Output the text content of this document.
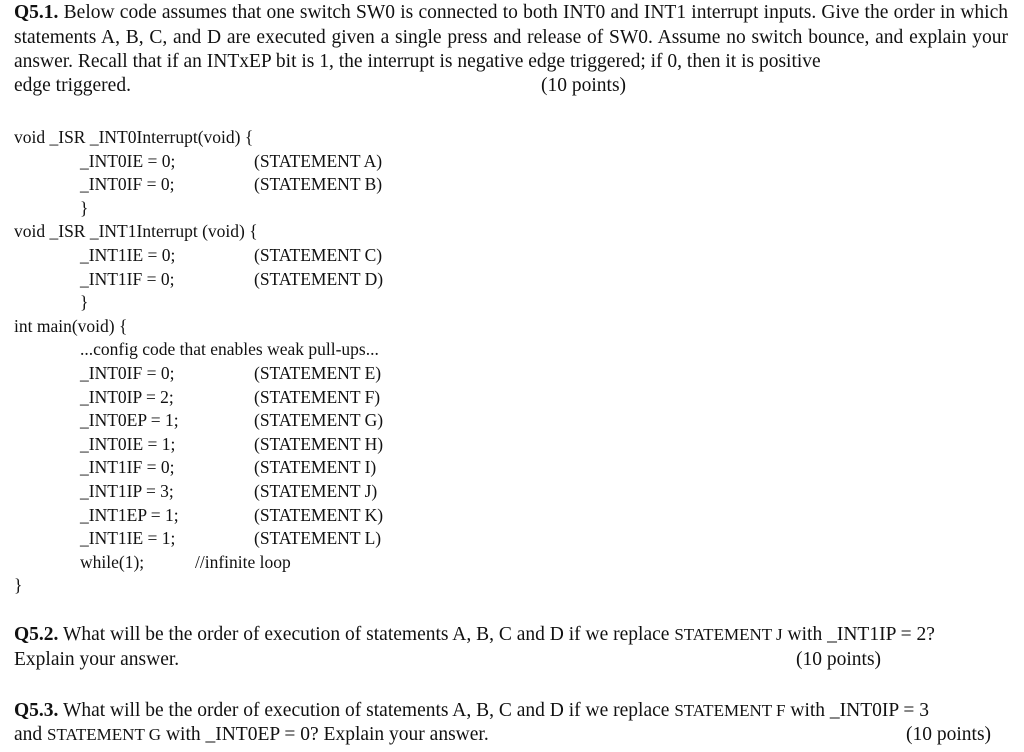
Q5.1. Below code assumes that one switch SW0 is connected to both INT0 and INT1 interrupt inputs. Give the order in which statements A, B, C, and D are executed given a single press and release of SW0. Assume no switch bounce, and explain your answer. Recall that if an INTxEP bit is 1, the interrupt is negative edge triggered; if 0, then it is positive
edge triggered.	(10 points)
void _ISR _INT0Interrupt(void) {
_INT0IE = 0;	(STATEMENT A)
_INT0IF = 0;	(STATEMENT B)
}
void _ISR _INT1Interrupt (void) {
_INT1IE = 0;	(STATEMENT C)
_INT1IF = 0;	(STATEMENT D)
}
int main(void) {
...config code that enables weak pull-ups...
_INT0IF = 0;	(STATEMENT E)
_INT0IP = 2;	(STATEMENT F)
_INT0EP = 1;	(STATEMENT G)
_INT0IE = 1;	(STATEMENT H)
_INT1IF = 0;	(STATEMENT I)
_INT1IP = 3;	(STATEMENT J)
_INT1EP = 1;	(STATEMENT K)
_INT1IE = 1;	(STATEMENT L)
while(1);	//infinite loop
}
Q5.2. What will be the order of execution of statements A, B, C and D if we replace STATEMENT J with _INT1IP = 2?
Explain your answer.	(10 points)
Q5.3. What will be the order of execution of statements A, B, C and D if we replace STATEMENT F with _INT0IP = 3
and STATEMENT G with _INT0EP = 0? Explain your answer.	(10 points)
